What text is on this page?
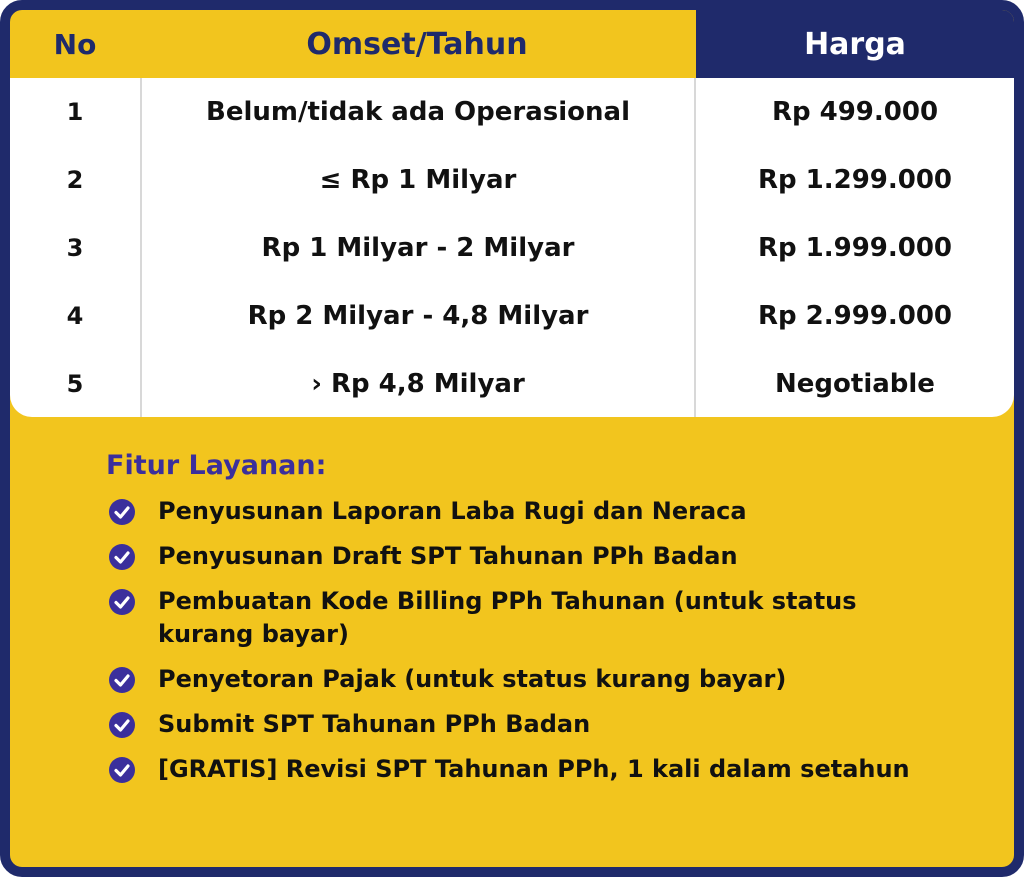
No	Omset/Tahun	Harga
1	Belum/tidak ada Operasional	Rp 499.000
2	≤ Rp 1 Milyar	Rp 1.299.000
3	Rp 1 Milyar - 2 Milyar	Rp 1.999.000
4	Rp 2 Milyar - 4,8 Milyar	Rp 2.999.000
5	› Rp 4,8 Milyar	Negotiable
Fitur Layanan:
Penyusunan Laporan Laba Rugi dan Neraca
Penyusunan Draft SPT Tahunan PPh Badan
Pembuatan Kode Billing PPh Tahunan (untuk status kurang bayar)
Penyetoran Pajak (untuk status kurang bayar)
Submit SPT Tahunan PPh Badan
[GRATIS] Revisi SPT Tahunan PPh, 1 kali dalam setahun
